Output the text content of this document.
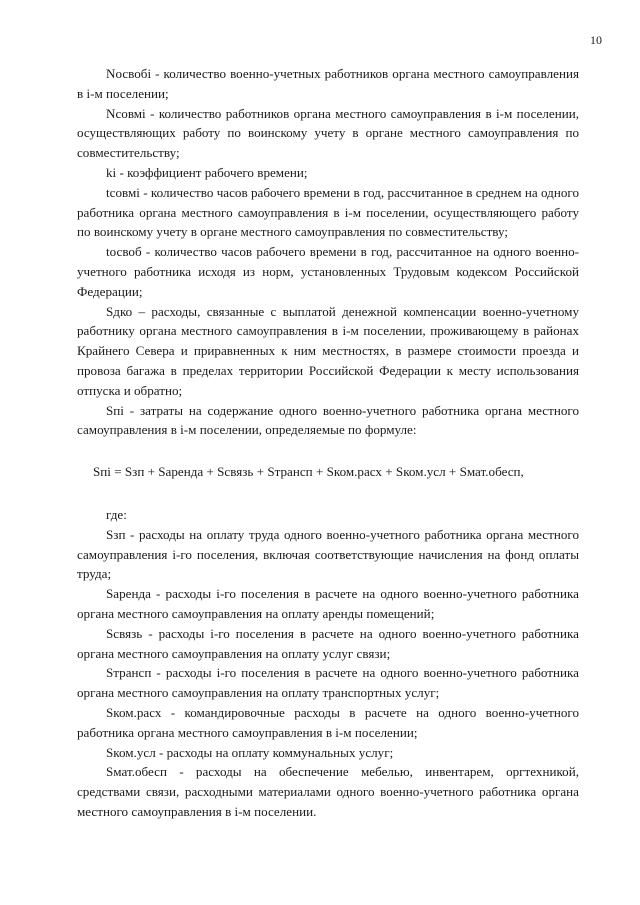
10

Nосвобі - количество военно-учетных работников органа местного самоуправления в i-м поселении;

Nсовмі - количество работников органа местного самоуправления в i-м поселении, осуществляющих работу по воинскому учету в органе местного самоуправления по совместительству;

ki - коэффициент рабочего времени;

tсовмі - количество часов рабочего времени в год, рассчитанное в среднем на одного работника органа местного самоуправления в i-м поселении, осуществляющего работу по воинскому учету в органе местного самоуправления по совместительству;

tосвоб - количество часов рабочего времени в год, рассчитанное на одного военно-учетного работника исходя из норм, установленных Трудовым кодексом Российской Федерации;

Sдко – расходы, связанные с выплатой денежной компенсации военно-учетному работнику органа местного самоуправления в i-м поселении, проживающему в районах Крайнего Севера и приравненных к ним местностях, в размере стоимости проезда и провоза багажа в пределах территории Российской Федерации к месту использования отпуска и обратно;

Sпі - затраты на содержание одного военно-учетного работника органа местного самоуправления в i-м поселении, определяемые по формуле:

Sпі = Sзп + Sаренда + Sсвязь + Sтрансп + Sком.расх + Sком.усл + Sмат.обесп,

где:

Sзп - расходы на оплату труда одного военно-учетного работника органа местного самоуправления i-го поселения, включая соответствующие начисления на фонд оплаты труда;

Sаренда - расходы i-го поселения в расчете на одного военно-учетного работника органа местного самоуправления на оплату аренды помещений;

Sсвязь - расходы i-го поселения в расчете на одного военно-учетного работника органа местного самоуправления на оплату услуг связи;

Sтрансп - расходы i-го поселения в расчете на одного военно-учетного работника органа местного самоуправления на оплату транспортных услуг;

Sком.расх - командировочные расходы в расчете на одного военно-учетного работника органа местного самоуправления в i-м поселении;

Sком.усл - расходы на оплату коммунальных услуг;

Sмат.обесп - расходы на обеспечение мебелью, инвентарем, оргтехникой, средствами связи, расходными материалами одного военно-учетного работника органа местного самоуправления в i-м поселении.
